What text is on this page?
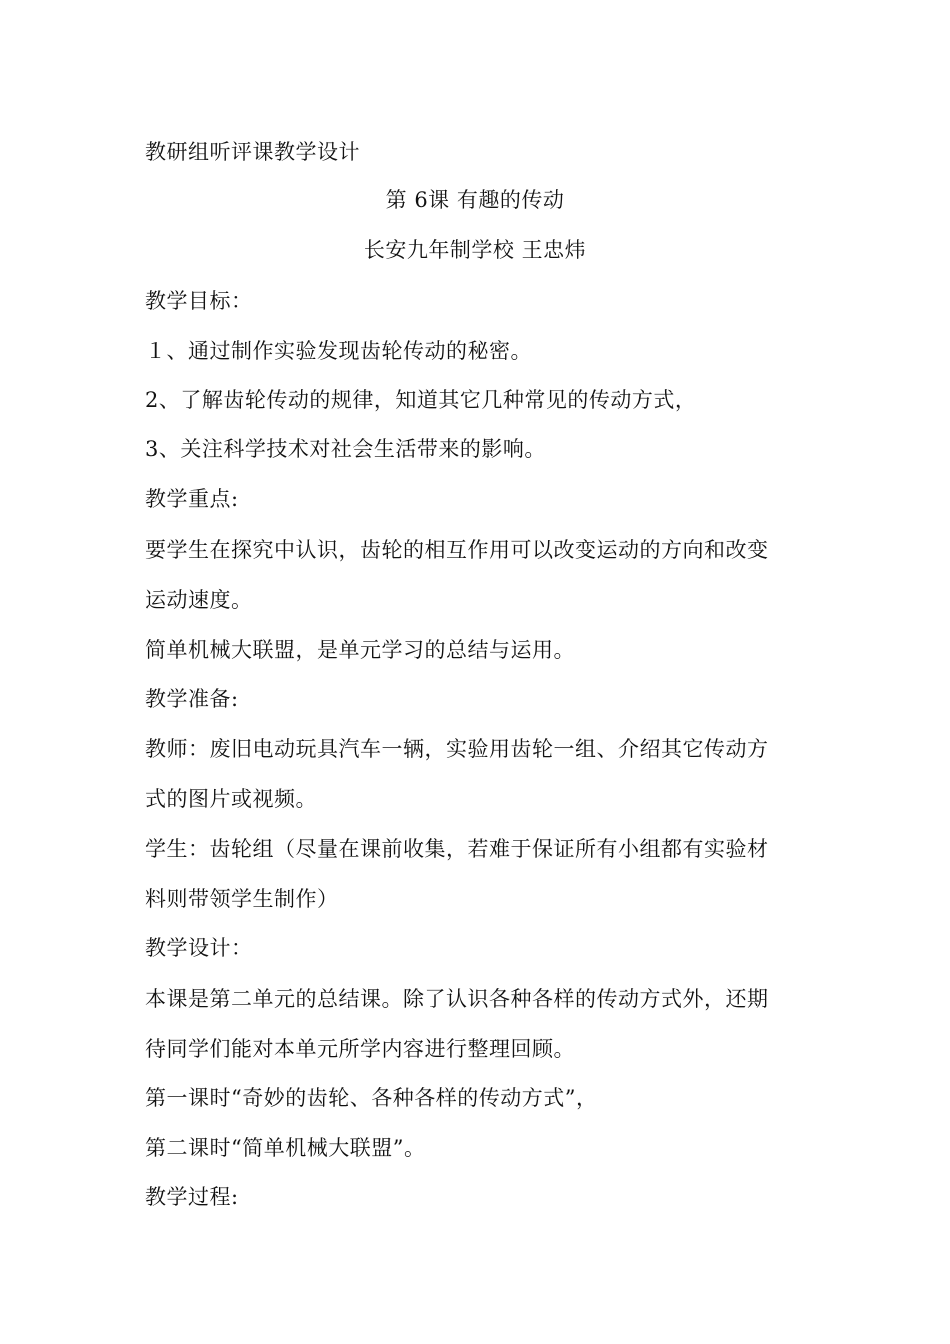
教研组听评课教学设计
第 6课 有趣的传动
长安九年制学校 王忠炜
教学目标：
１、通过制作实验发现齿轮传动的秘密。
2、了解齿轮传动的规律，知道其它几种常见的传动方式，
3、关注科学技术对社会生活带来的影响。
教学重点:
要学生在探究中认识，齿轮的相互作用可以改变运动的方向和改变
运动速度。
简单机械大联盟，是单元学习的总结与运用。
教学准备:
教师：废旧电动玩具汽车一辆，实验用齿轮一组、介绍其它传动方
式的图片或视频。
学生：齿轮组（尽量在课前收集，若难于保证所有小组都有实验材
料则带领学生制作）
教学设计：
本课是第二单元的总结课。除了认识各种各样的传动方式外，还期
待同学们能对本单元所学内容进行整理回顾。
第一课时“奇妙的齿轮、各种各样的传动方式”，
第二课时“简单机械大联盟”。
教学过程:
